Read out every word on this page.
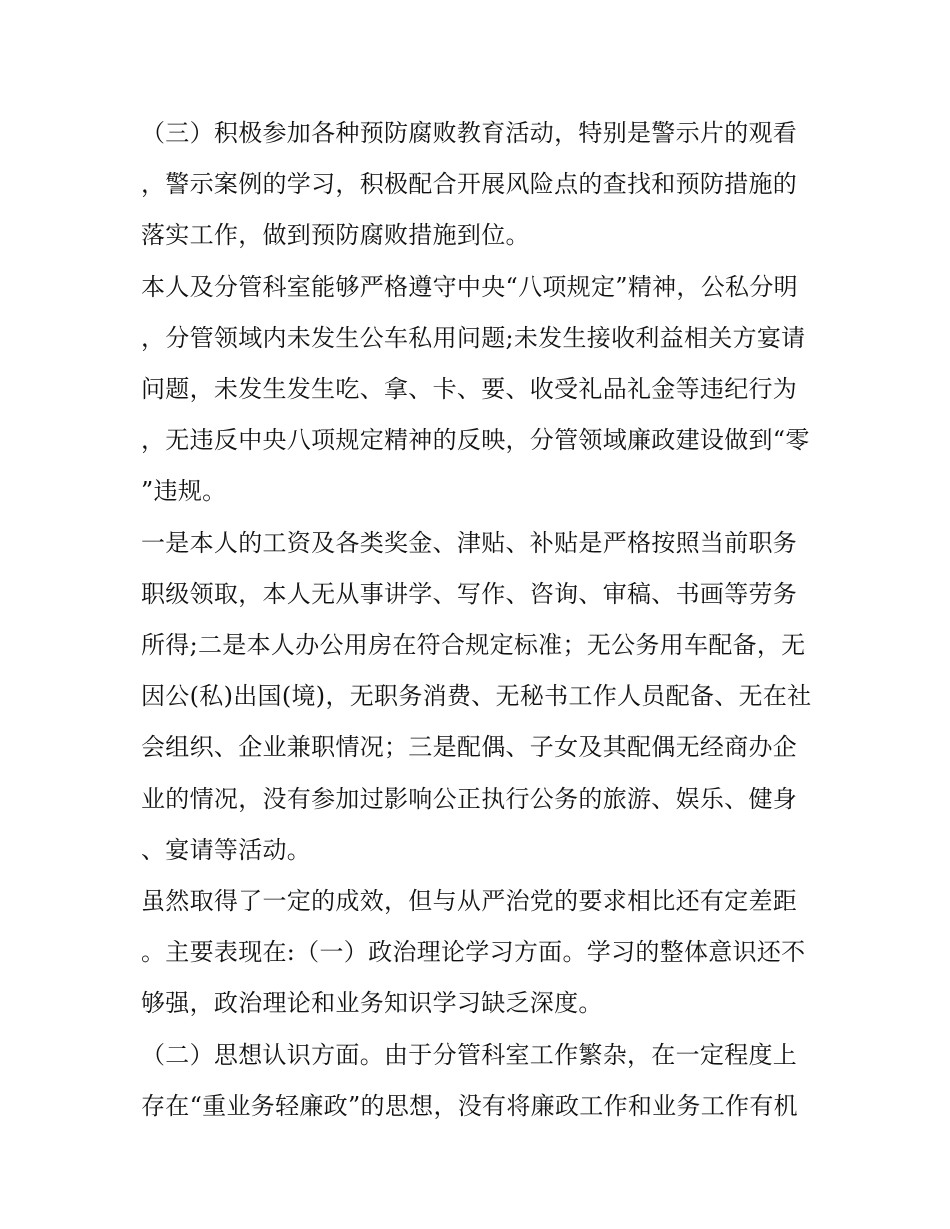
（三）积极参加各种预防腐败教育活动，特别是警示片的观看，警示案例的学习，积极配合开展风险点的查找和预防措施的落实工作，做到预防腐败措施到位。

本人及分管科室能够严格遵守中央“八项规定”精神，公私分明，分管领域内未发生公车私用问题;未发生接收利益相关方宴请问题，未发生发生吃、拿、卡、要、收受礼品礼金等违纪行为，无违反中央八项规定精神的反映，分管领域廉政建设做到“零”违规。

一是本人的工资及各类奖金、津贴、补贴是严格按照当前职务职级领取，本人无从事讲学、写作、咨询、审稿、书画等劳务所得;二是本人办公用房在符合规定标准；无公务用车配备，无因公(私)出国(境)，无职务消费、无秘书工作人员配备、无在社会组织、企业兼职情况；三是配偶、子女及其配偶无经商办企业的情况，没有参加过影响公正执行公务的旅游、娱乐、健身、宴请等活动。

虽然取得了一定的成效，但与从严治党的要求相比还有定差距。主要表现在:（一）政治理论学习方面。学习的整体意识还不够强，政治理论和业务知识学习缺乏深度。

（二）思想认识方面。由于分管科室工作繁杂，在一定程度上存在“重业务轻廉政”的思想，没有将廉政工作和业务工作有机
